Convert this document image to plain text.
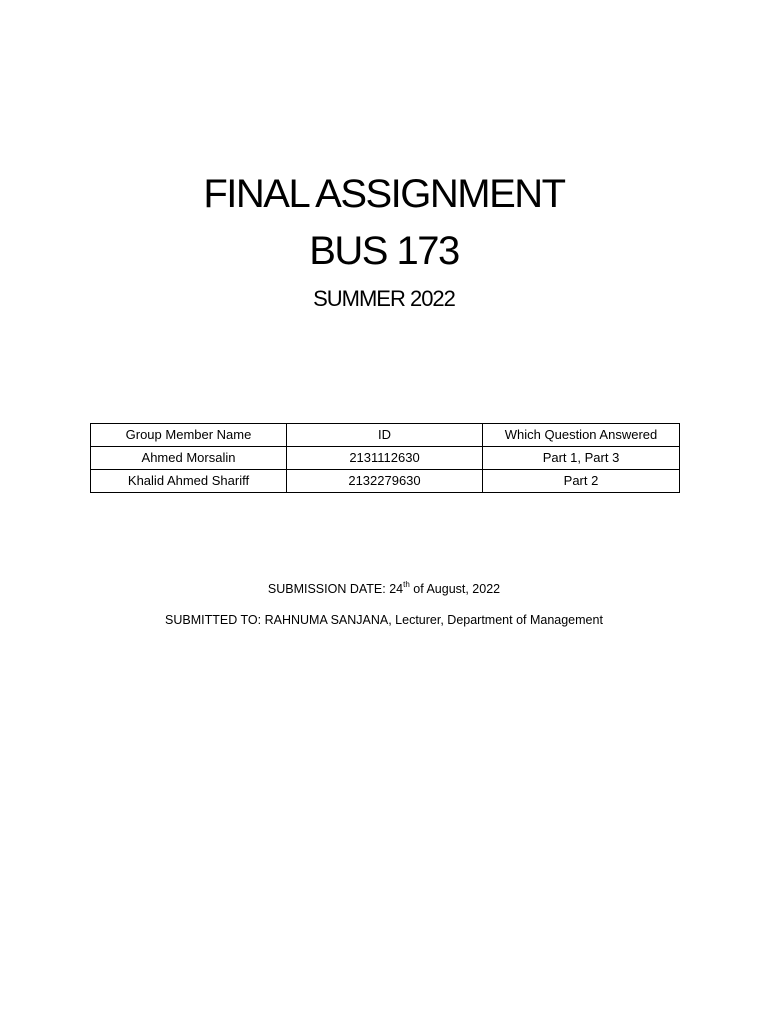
FINAL ASSIGNMENT
BUS 173
SUMMER 2022
Group Member Name	ID	Which Question Answered
Ahmed Morsalin	2131112630	Part 1, Part 3
Khalid Ahmed Shariff	2132279630	Part 2
SUBMISSION DATE: 24th of August, 2022
SUBMITTED TO: RAHNUMA SANJANA, Lecturer, Department of Management
